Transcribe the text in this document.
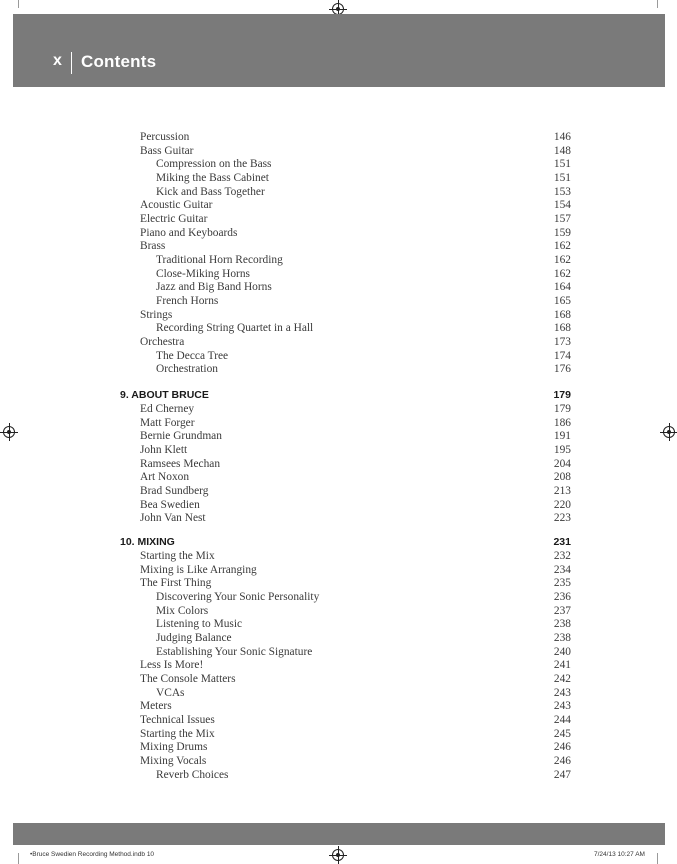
x Contents
Percussion	146
Bass Guitar	148
Compression on the Bass	151
Miking the Bass Cabinet	151
Kick and Bass Together	153
Acoustic Guitar	154
Electric Guitar	157
Piano and Keyboards	159
Brass	162
Traditional Horn Recording	162
Close-Miking Horns	162
Jazz and Big Band Horns	164
French Horns	165
Strings	168
Recording String Quartet in a Hall	168
Orchestra	173
The Decca Tree	174
Orchestration	176
9. ABOUT BRUCE	179
Ed Cherney	179
Matt Forger	186
Bernie Grundman	191
John Klett	195
Ramsees Mechan	204
Art Noxon	208
Brad Sundberg	213
Bea Swedien	220
John Van Nest	223
10. MIXING	231
Starting the Mix	232
Mixing is Like Arranging	234
The First Thing	235
Discovering Your Sonic Personality	236
Mix Colors	237
Listening to Music	238
Judging Balance	238
Establishing Your Sonic Signature	240
Less Is More!	241
The Console Matters	242
VCAs	243
Meters	243
Technical Issues	244
Starting the Mix	245
Mixing Drums	246
Mixing Vocals	246
Reverb Choices	247
•Bruce Swedien Recording Method.indb 10	7/24/13 10:27 AM
